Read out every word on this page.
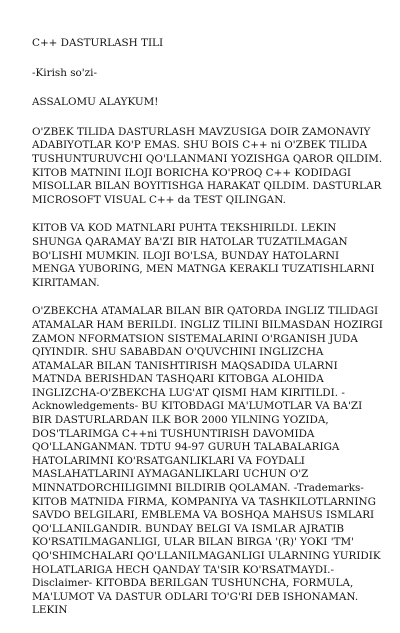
C++ DASTURLASH TILI

-Kirish so'zi-

ASSALOMU ALAYKUM!

O'ZBEK TILIDA DASTURLASH MAVZUSIGA DOIR ZAMONAVIY ADABIYOTLAR KO'P EMAS. SHU BOIS C++ ni O'ZBEK TILIDA TUSHUNTURUVCHI QO'LLANMANI YOZISHGA QAROR QILDIM. KITOB MATNINI ILOJI BORICHA KO'PROQ C++ KODIDAGI MISOLLAR BILAN BOYITISHGA HARAKAT QILDIM. DASTURLAR MICROSOFT VISUAL C++ da TEST QILINGAN.

KITOB VA KOD MATNLARI PUHTA TEKSHIRILDI. LEKIN SHUNGA QARAMAY BA'ZI BIR HATOLAR TUZATILMAGAN BO'LISHI MUMKIN. ILOJI BO'LSA, BUNDAY HATOLARNI MENGA YUBORING, MEN MATNGA KERAKLI TUZATISHLARNI KIRITAMAN.

O'ZBEKCHA ATAMALAR BILAN BIR QATORDA INGLIZ TILIDAGI ATAMALAR HAM BERILDI. INGLIZ TILINI BILMASDAN HOZIRGI ZAMON NFORMATSION SISTEMALARINI O'RGANISH JUDA QIYINDIR. SHU SABABDAN O'QUVCHINI INGLIZCHA ATAMALAR BILAN TANISHTIRISH MAQSADIDA ULARNI MATNDA BERISHDAN TASHQARI KITOBGA ALOHIDA INGLIZCHA-O'ZBEKCHA LUG'AT QISMI HAM KIRITILDI. -Acknowledgements- BU KITOBDAGI MA'LUMOTLAR VA BA'ZI BIR DASTURLARDAN ILK BOR 2000 YILNING YOZIDA, DOS'TLARIMGA C++ni TUSHUNTIRISH DAVOMIDA QO'LLANGANMAN. TDTU 94-97 GURUH TALABALARIGA HATOLARIMNI KO'RSATGANLIKLARI VA FOYDALI MASLAHATLARINI AYMAGANLIKLARI UCHUN O'Z MINNATDORCHILIGIMNI BILDIRIB QOLAMAN. -Trademarks- KITOB MATNIDA FIRMA, KOMPANIYA VA TASHKILOTLARNING SAVDO BELGILARI, EMBLEMA VA BOSHQA MAHSUS ISMLARI QO'LLANILGANDIR. BUNDAY BELGI VA ISMLAR AJRATIB KO'RSATILMAGANLIGI, ULAR BILAN BIRGA '(R)' YOKI 'TM' QO'SHIMCHALARI QO'LLANILMAGANLIGI ULARNING YURIDIK HOLATLARIGA HECH QANDAY TA'SIR KO'RSATMAYDI.- Disclaimer- KITOBDA BERILGAN TUSHUNCHA, FORMULA, MA'LUMOT VA DASTUR ODLARI TO'G'RI DEB ISHONAMAN. LEKIN
